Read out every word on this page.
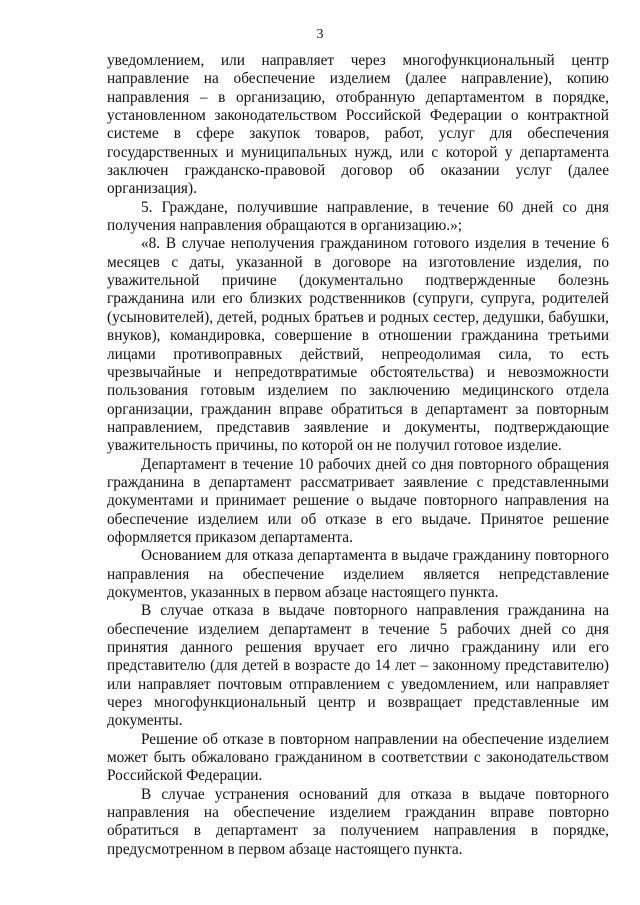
3

уведомлением, или направляет через многофункциональный центр направление на обеспечение изделием (далее направление), копию направления – в организацию, отобранную департаментом в порядке, установленном законодательством Российской Федерации о контрактной системе в сфере закупок товаров, работ, услуг для обеспечения государственных и муниципальных нужд, или с которой у департамента заключен гражданско-правовой договор об оказании услуг (далее организация).

5. Граждане, получившие направление, в течение 60 дней со дня получения направления обращаются в организацию.»;

«8. В случае неполучения гражданином готового изделия в течение 6 месяцев с даты, указанной в договоре на изготовление изделия, по уважительной причине (документально подтвержденные болезнь гражданина или его близких родственников (супруги, супруга, родителей (усыновителей), детей, родных братьев и родных сестер, дедушки, бабушки, внуков), командировка, совершение в отношении гражданина третьими лицами противоправных действий, непреодолимая сила, то есть чрезвычайные и непредотвратимые обстоятельства) и невозможности пользования готовым изделием по заключению медицинского отдела организации, гражданин вправе обратиться в департамент за повторным направлением, представив заявление и документы, подтверждающие уважительность причины, по которой он не получил готовое изделие.

Департамент в течение 10 рабочих дней со дня повторного обращения гражданина в департамент рассматривает заявление с представленными документами и принимает решение о выдаче повторного направления на обеспечение изделием или об отказе в его выдаче. Принятое решение оформляется приказом департамента.

Основанием для отказа департамента в выдаче гражданину повторного направления на обеспечение изделием является непредставление документов, указанных в первом абзаце настоящего пункта.

В случае отказа в выдаче повторного направления гражданина на обеспечение изделием департамент в течение 5 рабочих дней со дня принятия данного решения вручает его лично гражданину или его представителю (для детей в возрасте до 14 лет – законному представителю) или направляет почтовым отправлением с уведомлением, или направляет через многофункциональный центр и возвращает представленные им документы.

Решение об отказе в повторном направлении на обеспечение изделием может быть обжаловано гражданином в соответствии с законодательством Российской Федерации.

В случае устранения оснований для отказа в выдаче повторного направления на обеспечение изделием гражданин вправе повторно обратиться в департамент за получением направления в порядке, предусмотренном в первом абзаце настоящего пункта.
